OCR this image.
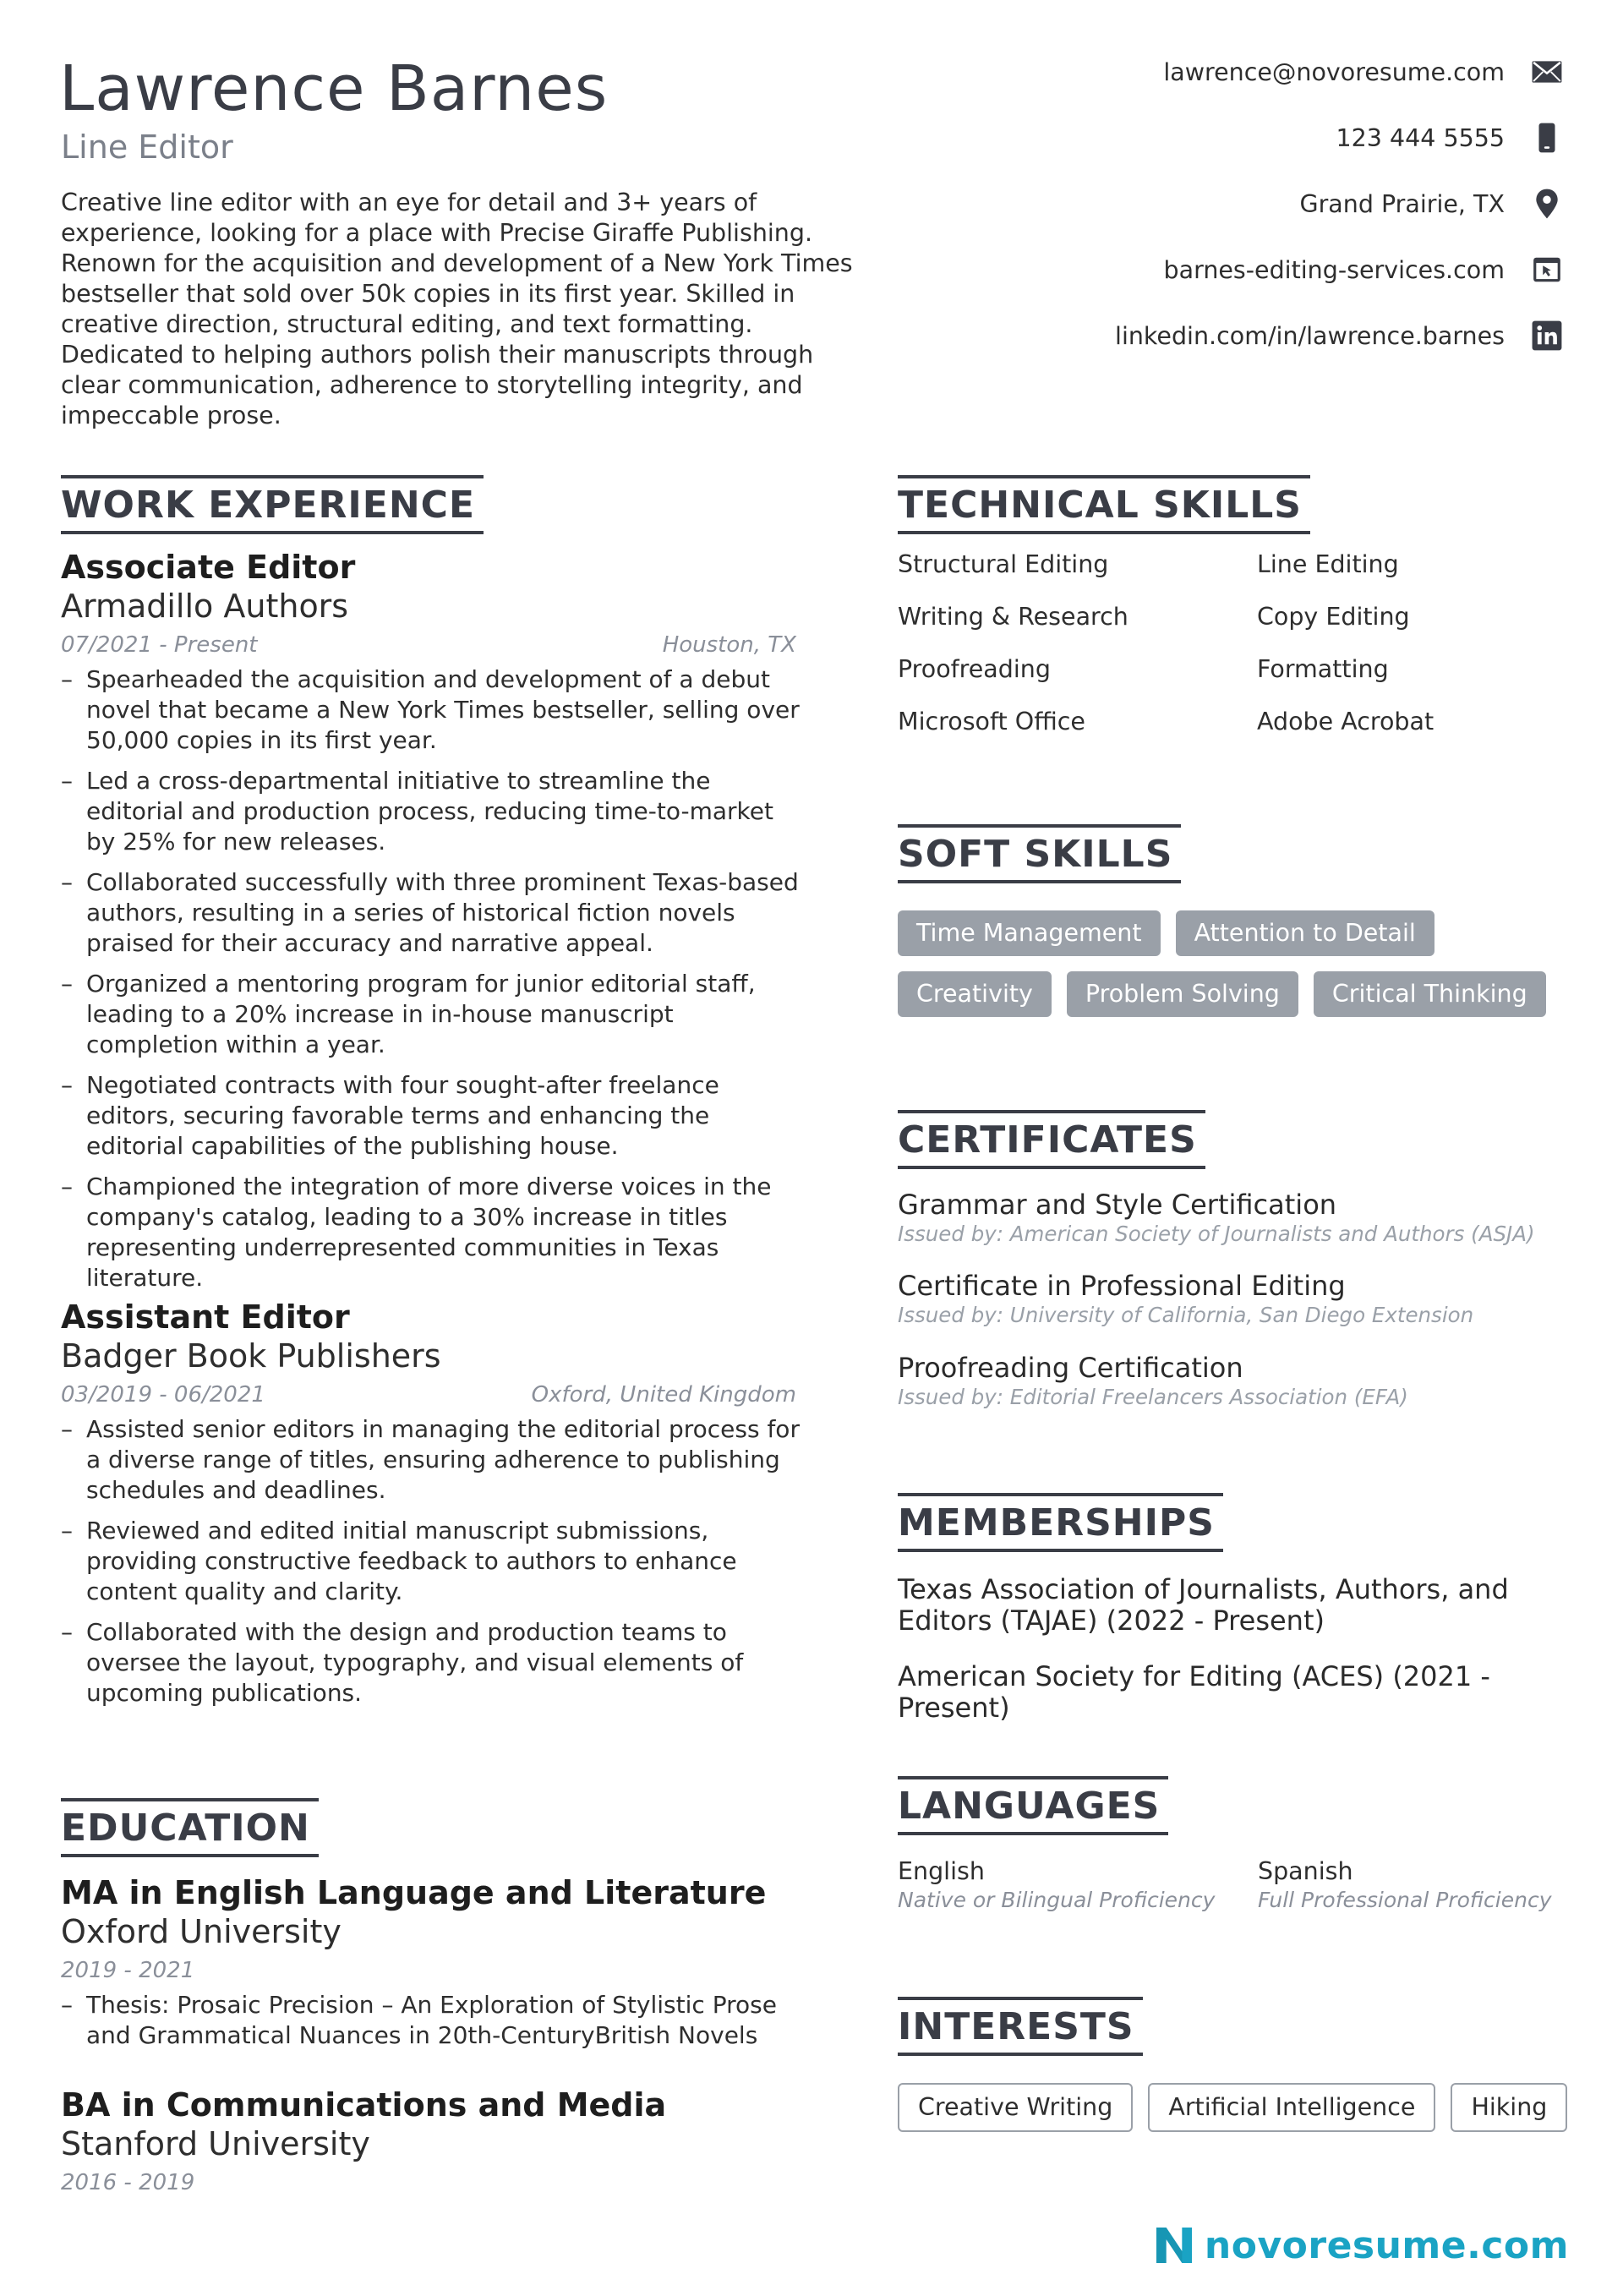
Lawrence Barnes
Line Editor
Creative line editor with an eye for detail and 3+ years of experience, looking for a place with Precise Giraffe Publishing. Renown for the acquisition and development of a New York Times bestseller that sold over 50k copies in its first year. Skilled in creative direction, structural editing, and text formatting. Dedicated to helping authors polish their manuscripts through clear communication, adherence to storytelling integrity, and impeccable prose.
lawrence@novoresume.com
123 444 5555
Grand Prairie, TX
barnes-editing-services.com
linkedin.com/in/lawrence.barnes
WORK EXPERIENCE
Associate Editor
Armadillo Authors
07/2021 - Present	Houston, TX
– Spearheaded the acquisition and development of a debut novel that became a New York Times bestseller, selling over 50,000 copies in its first year.
– Led a cross-departmental initiative to streamline the editorial and production process, reducing time-to-market by 25% for new releases.
– Collaborated successfully with three prominent Texas-based authors, resulting in a series of historical fiction novels praised for their accuracy and narrative appeal.
– Organized a mentoring program for junior editorial staff, leading to a 20% increase in in-house manuscript completion within a year.
– Negotiated contracts with four sought-after freelance editors, securing favorable terms and enhancing the editorial capabilities of the publishing house.
– Championed the integration of more diverse voices in the company's catalog, leading to a 30% increase in titles representing underrepresented communities in Texas literature.
Assistant Editor
Badger Book Publishers
03/2019 - 06/2021	Oxford, United Kingdom
– Assisted senior editors in managing the editorial process for a diverse range of titles, ensuring adherence to publishing schedules and deadlines.
– Reviewed and edited initial manuscript submissions, providing constructive feedback to authors to enhance content quality and clarity.
– Collaborated with the design and production teams to oversee the layout, typography, and visual elements of upcoming publications.
EDUCATION
MA in English Language and Literature
Oxford University
2019 - 2021
– Thesis: Prosaic Precision – An Exploration of Stylistic Prose and Grammatical Nuances in 20th-CenturyBritish Novels
BA in Communications and Media
Stanford University
2016 - 2019
TECHNICAL SKILLS
Structural Editing	Line Editing
Writing & Research	Copy Editing
Proofreading	Formatting
Microsoft Office	Adobe Acrobat
SOFT SKILLS
Time Management	Attention to Detail
Creativity	Problem Solving	Critical Thinking
CERTIFICATES
Grammar and Style Certification
Issued by: American Society of Journalists and Authors (ASJA)
Certificate in Professional Editing
Issued by: University of California, San Diego Extension
Proofreading Certification
Issued by: Editorial Freelancers Association (EFA)
MEMBERSHIPS
Texas Association of Journalists, Authors, and Editors (TAJAE) (2022 - Present)
American Society for Editing (ACES) (2021 - Present)
LANGUAGES
English
Native or Bilingual Proficiency
Spanish
Full Professional Proficiency
INTERESTS
Creative Writing	Artificial Intelligence	Hiking
novoresume.com
